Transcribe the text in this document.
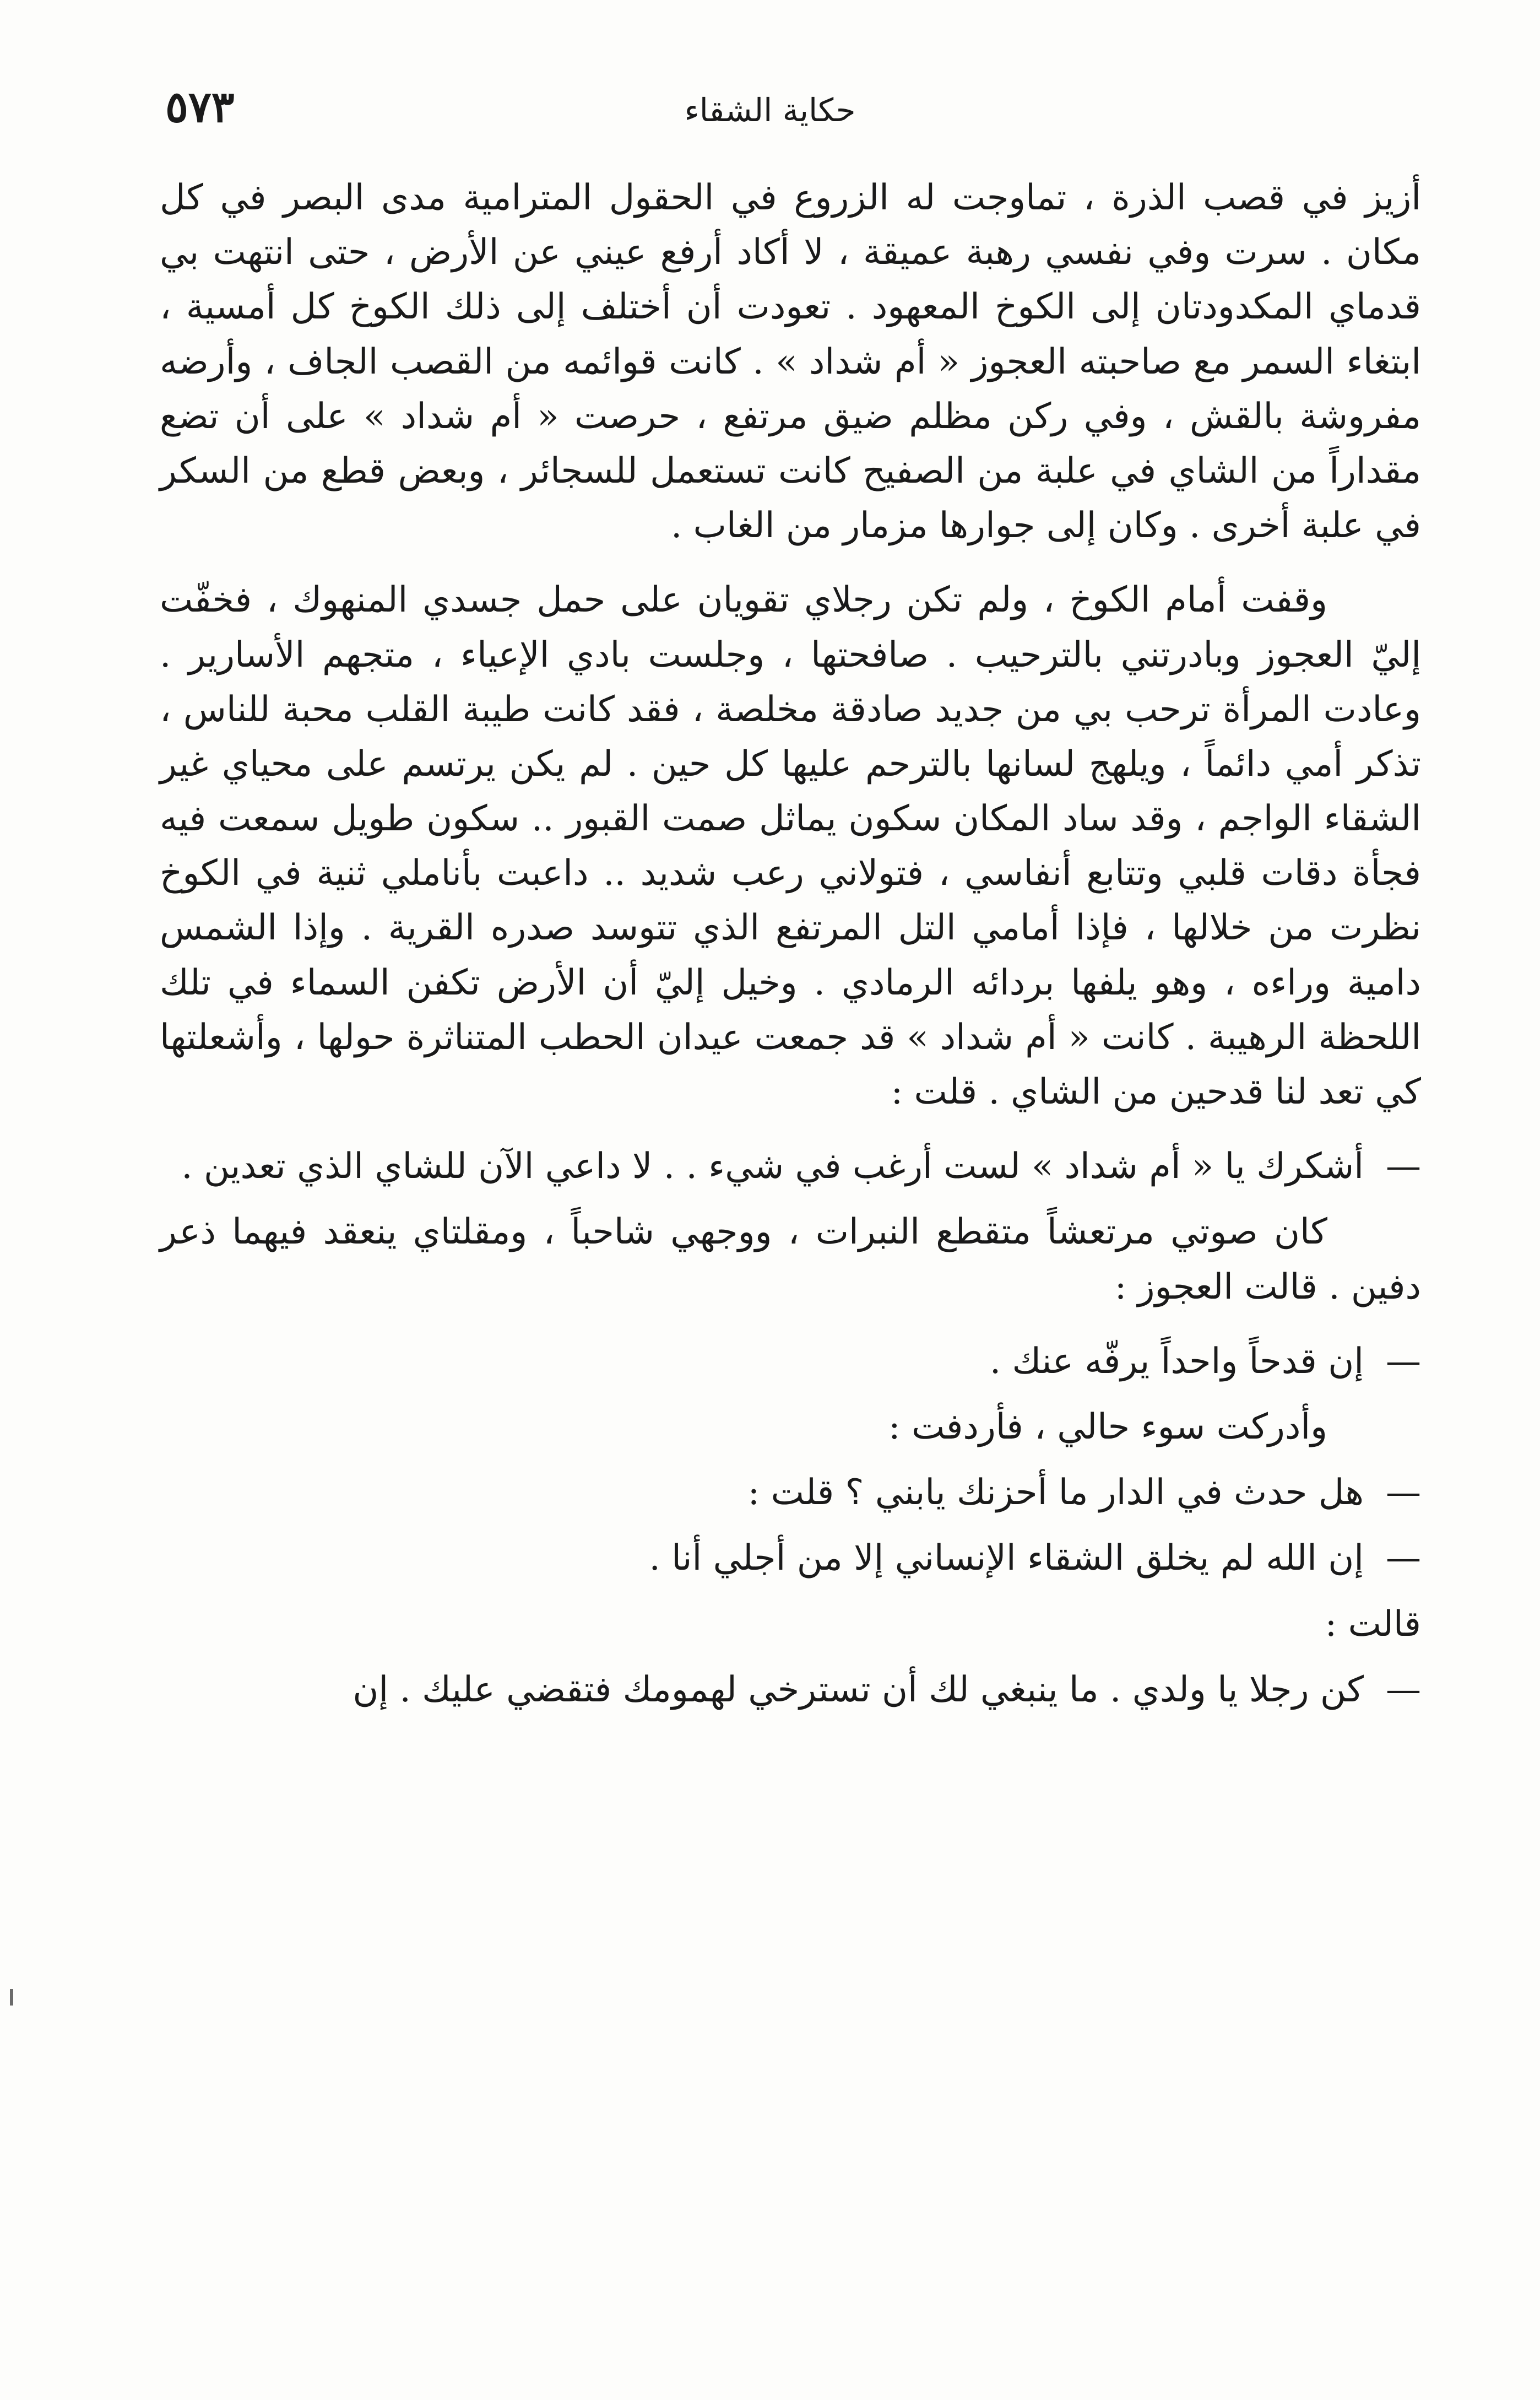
حكاية الشقاء
٥٧٣

أزيز في قصب الذرة ، تماوجت له الزروع في الحقول المترامية مدى البصر في كل مكان . سرت وفي نفسي رهبة عميقة ، لا أكاد أرفع عيني عن الأرض ، حتى انتهت بي قدماي المكدودتان إلى الكوخ المعهود . تعودت أن أختلف إلى ذلك الكوخ كل أمسية ، ابتغاء السمر مع صاحبته العجوز « أم شداد » . كانت قوائمه من القصب الجاف ، وأرضه مفروشة بالقش ، وفي ركن مظلم ضيق مرتفع ، حرصت « أم شداد » على أن تضع مقداراً من الشاي في علبة من الصفيح كانت تستعمل للسجائر ، وبعض قطع من السكر في علبة أخرى . وكان إلى جوارها مزمار من الغاب .

وقفت أمام الكوخ ، ولم تكن رجلاي تقويان على حمل جسدي المنهوك ، فخفّت إليّ العجوز وبادرتني بالترحيب . صافحتها ، وجلست بادي الإعياء ، متجهم الأسارير . وعادت المرأة ترحب بي من جديد صادقة مخلصة ، فقد كانت طيبة القلب محبة للناس ، تذكر أمي دائماً ، ويلهج لسانها بالترحم عليها كل حين . لم يكن يرتسم على محياي غير الشقاء الواجم ، وقد ساد المكان سكون يماثل صمت القبور .. سكون طويل سمعت فيه فجأة دقات قلبي وتتابع أنفاسي ، فتولاني رعب شديد .. داعبت بأناملي ثنية في الكوخ نظرت من خلالها ، فإذا أمامي التل المرتفع الذي تتوسد صدره القرية . وإذا الشمس دامية وراءه ، وهو يلفها بردائه الرمادي . وخيل إليّ أن الأرض تكفن السماء في تلك اللحظة الرهيبة . كانت « أم شداد » قد جمعت عيدان الحطب المتناثرة حولها ، وأشعلتها كي تعد لنا قدحين من الشاي . قلت :

—أشكرك يا « أم شداد » لست أرغب في شيء . . لا داعي الآن للشاي الذي تعدين .

كان صوتي مرتعشاً متقطع النبرات ، ووجهي شاحباً ، ومقلتاي ينعقد فيهما ذعر دفين . قالت العجوز :

—إن قدحاً واحداً يرفّه عنك .

وأدركت سوء حالي ، فأردفت :

—هل حدث في الدار ما أحزنك يابني ؟ قلت :

—إن الله لم يخلق الشقاء الإنساني إلا من أجلي أنا .

قالت :

—كن رجلا يا ولدي . ما ينبغي لك أن تسترخي لهمومك فتقضي عليك . إن
